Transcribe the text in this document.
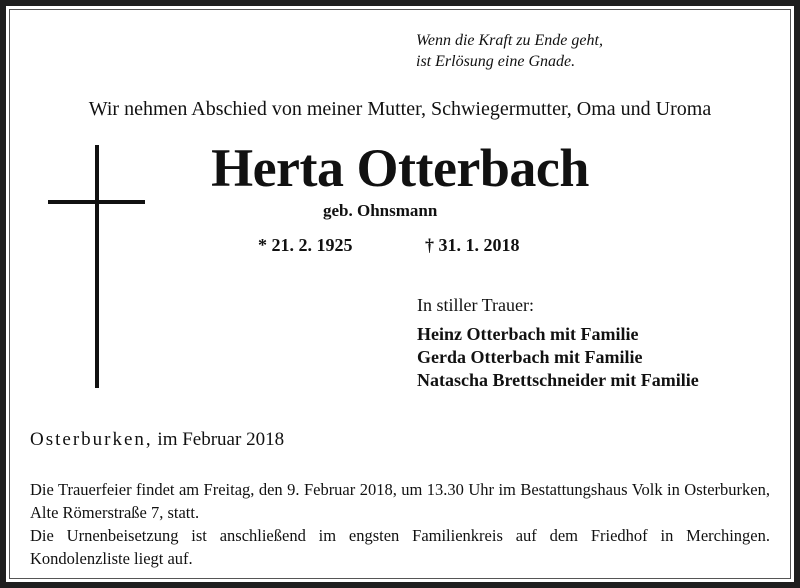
Wenn die Kraft zu Ende geht,
ist Erlösung eine Gnade.
Wir nehmen Abschied von meiner Mutter, Schwiegermutter, Oma und Uroma
Herta Otterbach
geb. Ohnsmann
* 21. 2. 1925	† 31. 1. 2018
In stiller Trauer:
Heinz Otterbach mit Familie
Gerda Otterbach mit Familie
Natascha Brettschneider mit Familie
Osterburken, im Februar 2018

Die Trauerfeier findet am Freitag, den 9. Februar 2018, um 13.30 Uhr im Bestattungshaus Volk in Osterburken, Alte Römerstraße 7, statt.

Die Urnenbeisetzung ist anschließend im engsten Familienkreis auf dem Friedhof in Merchingen. Kondolenzliste liegt auf.
